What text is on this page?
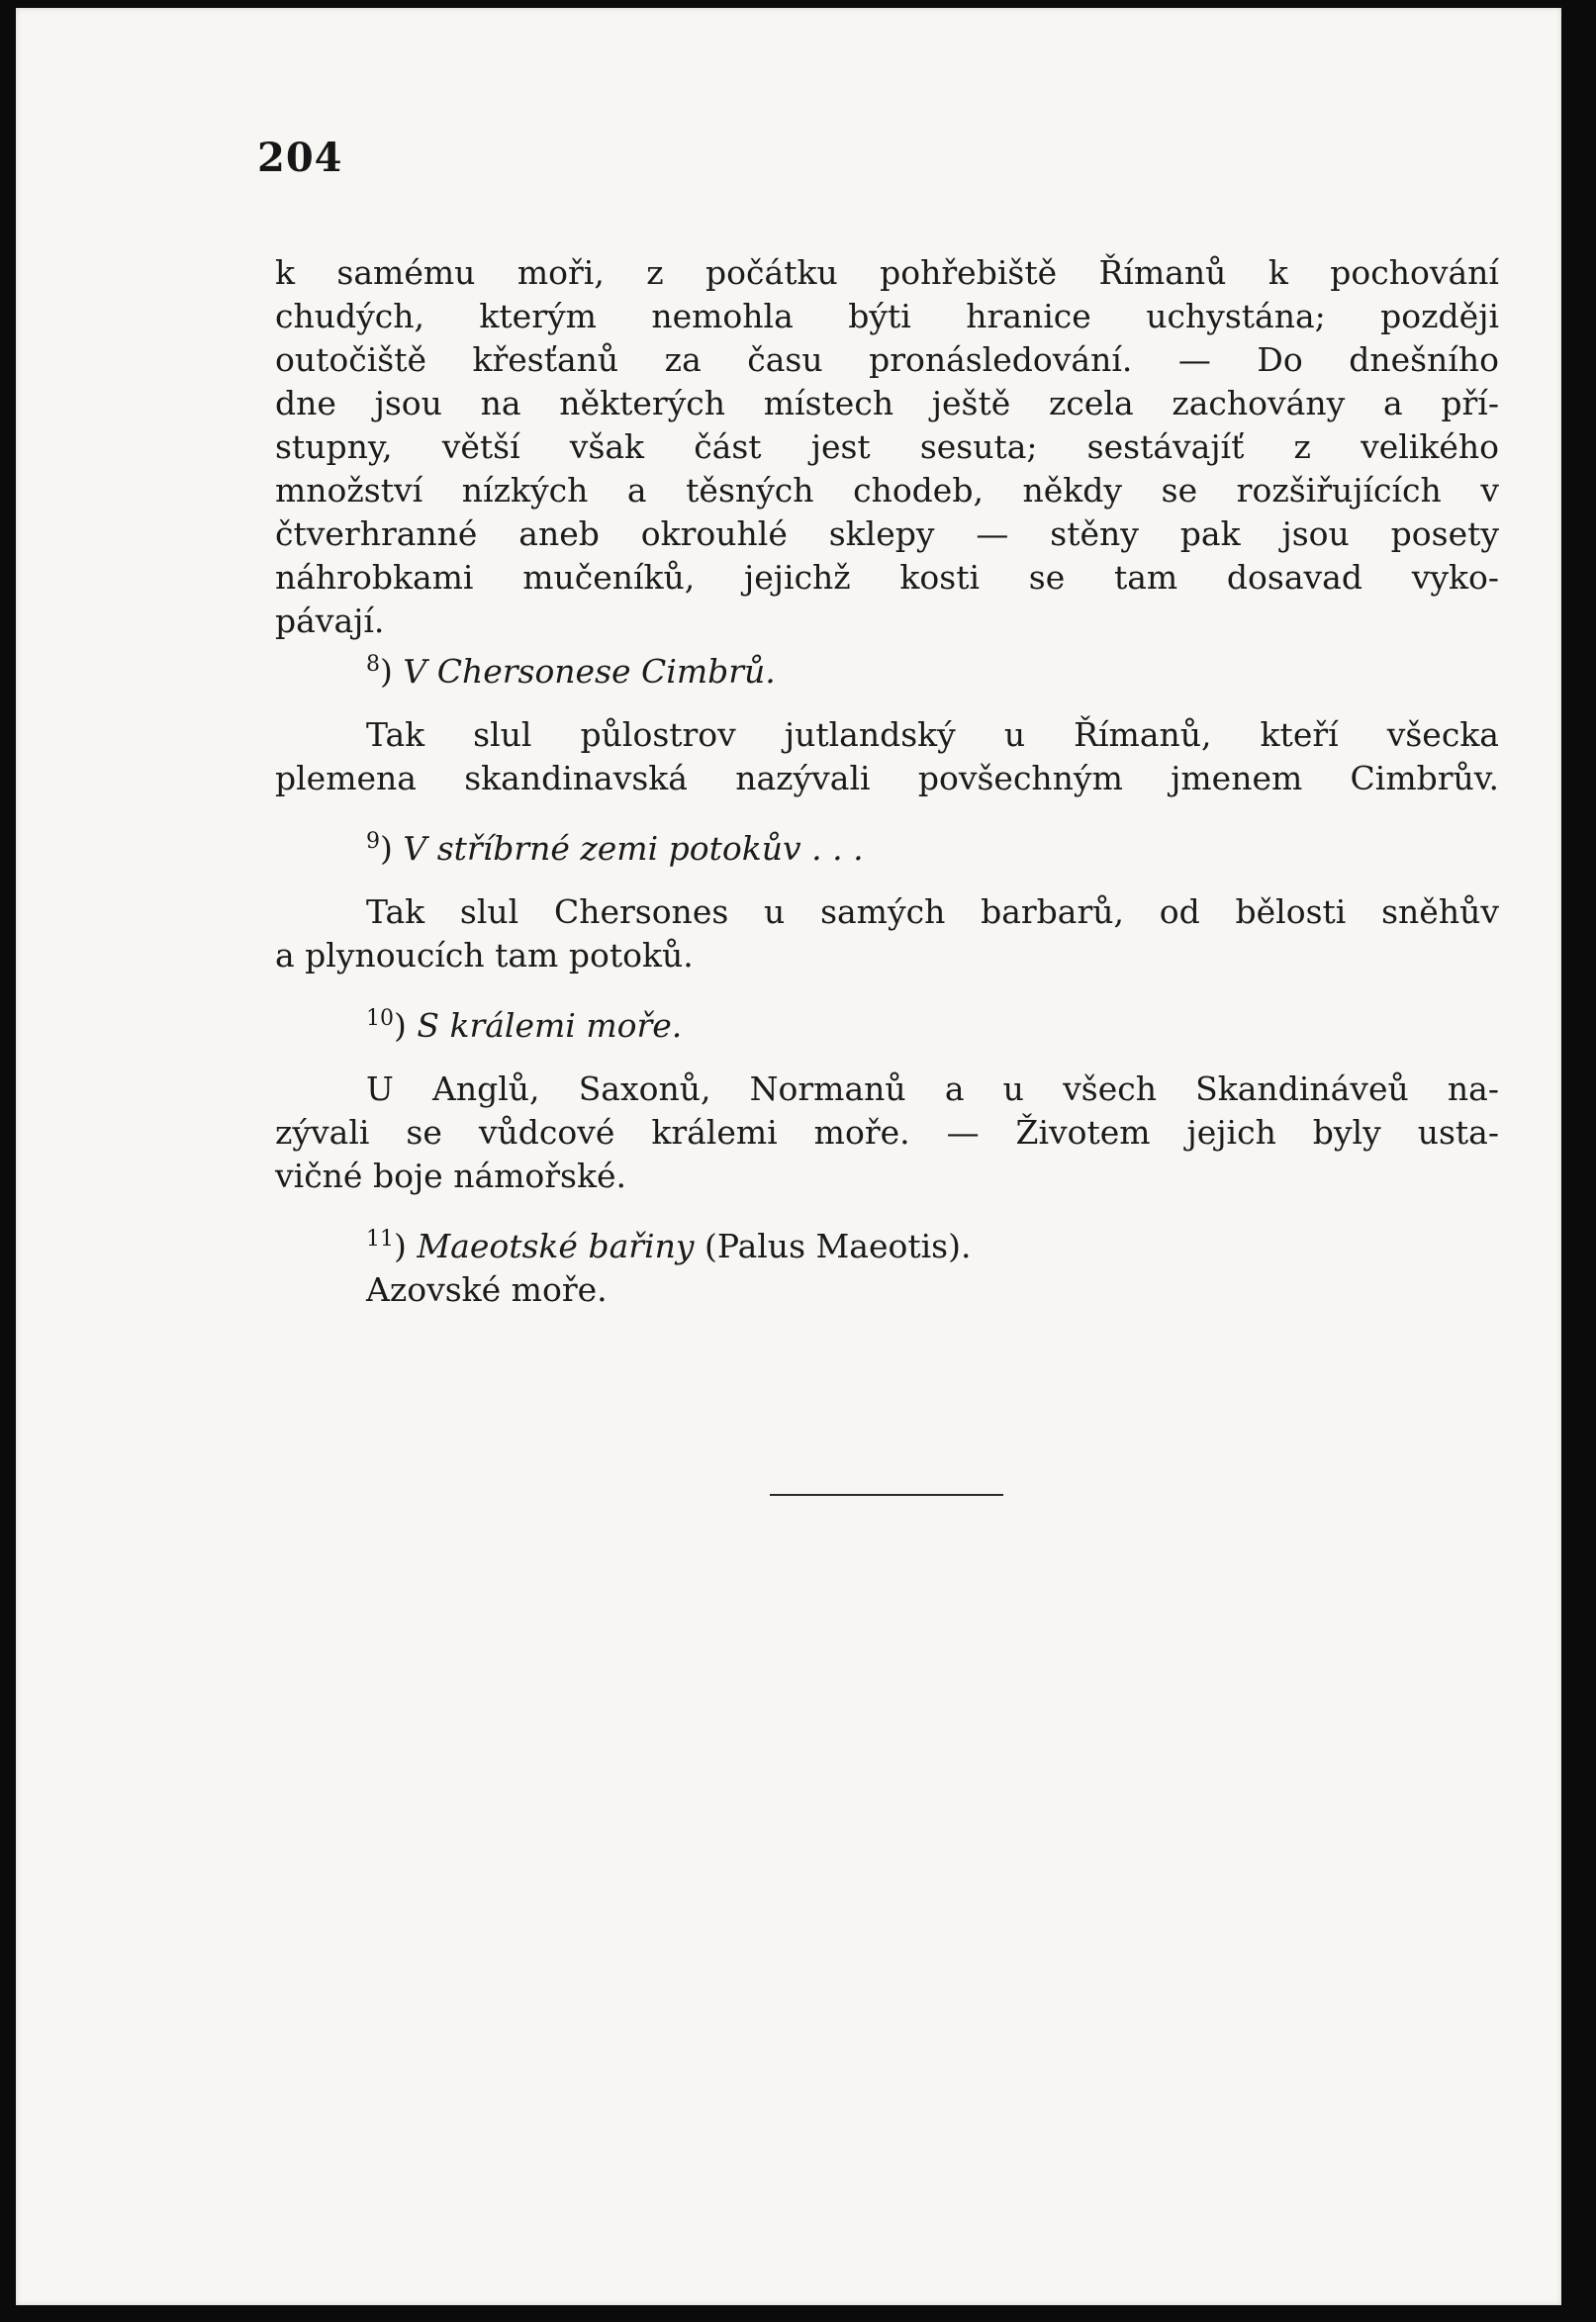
204
k samému moři, z počátku pohřebiště Římanů k pochování
chudých, kterým nemohla býti hranice uchystána; později
outočiště křesťanů za času pronásledování. — Do dnešního
dne jsou na některých místech ještě zcela zachovány a pří-
stupny, větší však část jest sesuta; sestávajíť z velikého
množství nízkých a těsných chodeb, někdy se rozšiřujících v
čtverhranné aneb okrouhlé sklepy — stěny pak jsou posety
náhrobkami mučeníků, jejichž kosti se tam dosavad vyko-
pávají.
$^8$) V Chersonese Cimbrů.
Tak slul půlostrov jutlandský u Římanů, kteří všecka
plemena skandinavská nazývali povšechným jmenem Cimbrův.
$^9$) V stříbrné zemi potokův . . .
Tak slul Chersones u samých barbarů, od bělosti sněhův
a plynoucích tam potoků.
$^{10}$) S králemi moře.
U Anglů, Saxonů, Normanů a u všech Skandináveů na-
zývali se vůdcové králemi moře. — Životem jejich byly usta-
vičné boje námořské.
$^{11}$) Maeotské bařiny (Palus Maeotis).
Azovské moře.
